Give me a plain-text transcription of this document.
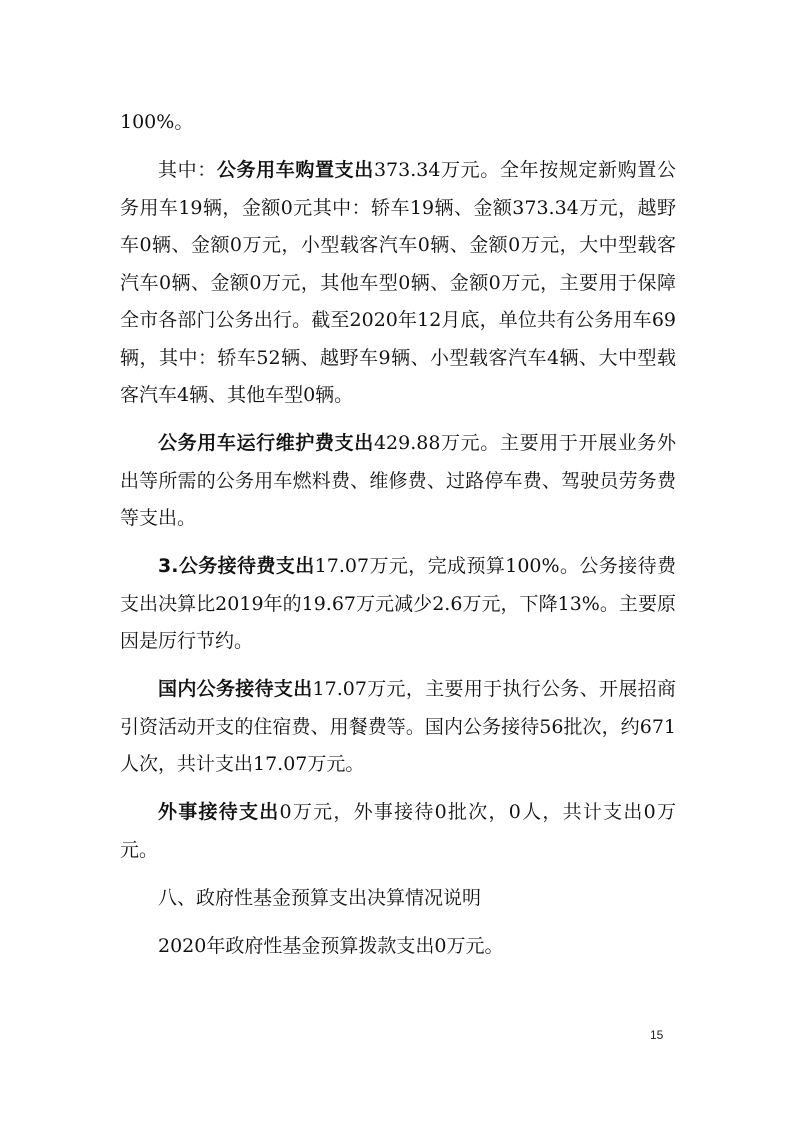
100%。

其中：公务用车购置支出373.34万元。全年按规定新购置公务用车19辆，金额0元其中：轿车19辆、金额373.34万元，越野车0辆、金额0万元，小型载客汽车0辆、金额0万元，大中型载客汽车0辆、金额0万元，其他车型0辆、金额0万元，主要用于保障全市各部门公务出行。截至2020年12月底，单位共有公务用车69辆，其中：轿车52辆、越野车9辆、小型载客汽车4辆、大中型载客汽车4辆、其他车型0辆。

公务用车运行维护费支出429.88万元。主要用于开展业务外出等所需的公务用车燃料费、维修费、过路停车费、驾驶员劳务费等支出。

3.公务接待费支出17.07万元，完成预算100%。公务接待费支出决算比2019年的19.67万元减少2.6万元，下降13%。主要原因是厉行节约。

国内公务接待支出17.07万元，主要用于执行公务、开展招商引资活动开支的住宿费、用餐费等。国内公务接待56批次，约671人次，共计支出17.07万元。

外事接待支出0万元，外事接待0批次，0人，共计支出0万元。

八、政府性基金预算支出决算情况说明

2020年政府性基金预算拨款支出0万元。

15
